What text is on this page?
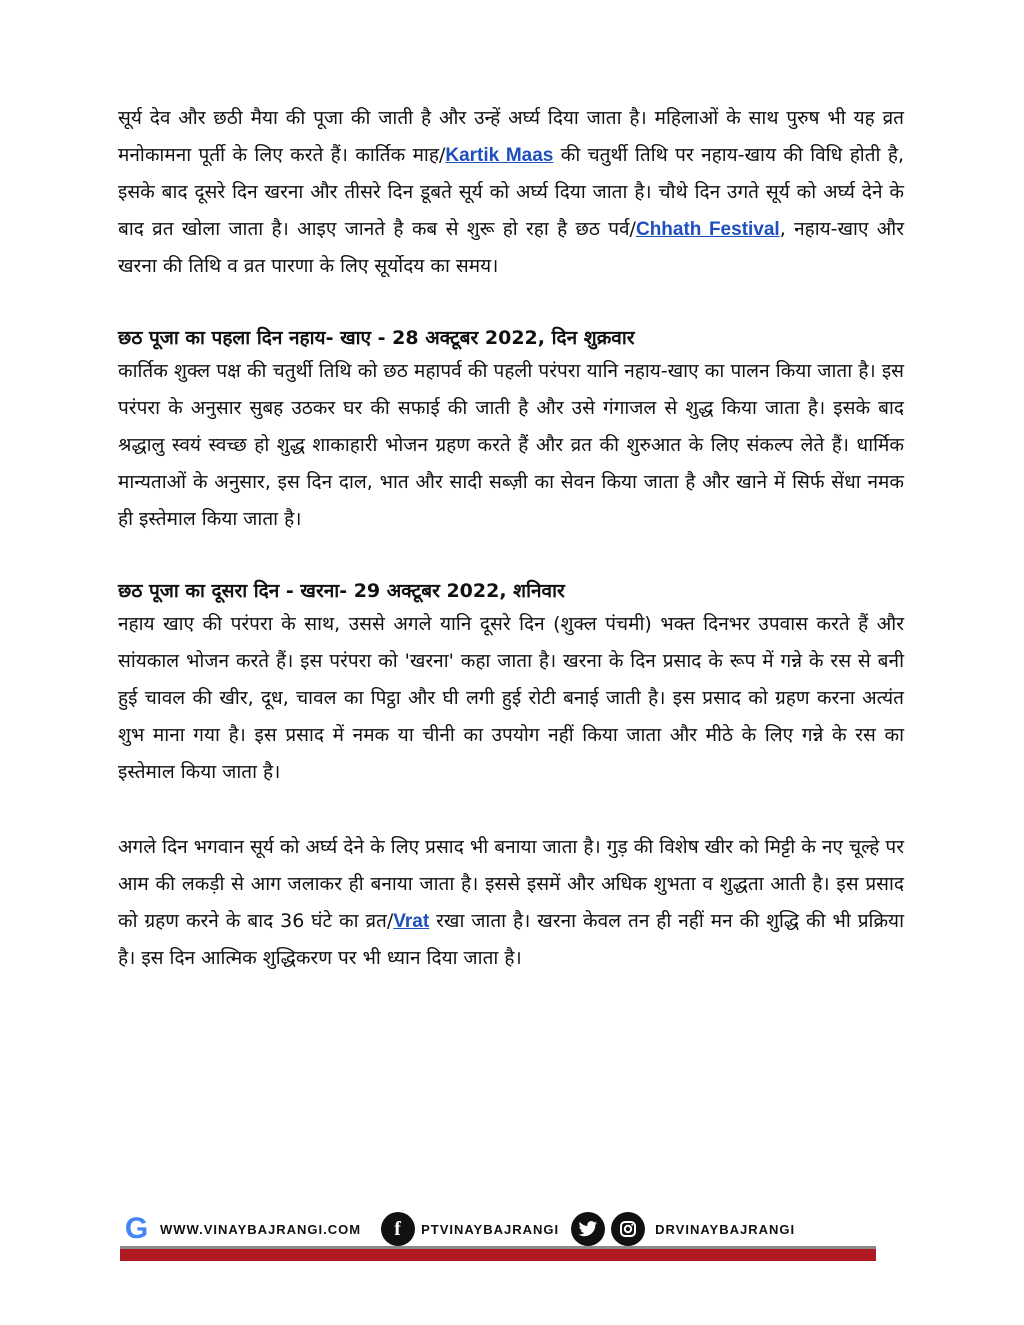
सूर्य देव और छठी मैया की पूजा की जाती है और उन्हें अर्घ्य दिया जाता है। महिलाओं के साथ पुरुष भी यह व्रत मनोकामना पूर्ती के लिए करते हैं। कार्तिक माह/Kartik Maas की चतुर्थी तिथि पर नहाय-खाय की विधि होती है, इसके बाद दूसरे दिन खरना और तीसरे दिन डूबते सूर्य को अर्घ्य दिया जाता है। चौथे दिन उगते सूर्य को अर्घ्य देने के बाद व्रत खोला जाता है। आइए जानते है कब से शुरू हो रहा है छठ पर्व/Chhath Festival, नहाय-खाए और खरना की तिथि व व्रत पारणा के लिए सूर्योदय का समय।

छठ पूजा का पहला दिन नहाय- खाए - 28 अक्टूबर 2022, दिन शुक्रवार

कार्तिक शुक्ल पक्ष की चतुर्थी तिथि को छठ महापर्व की पहली परंपरा यानि नहाय-खाए का पालन किया जाता है। इस परंपरा के अनुसार सुबह उठकर घर की सफाई की जाती है और उसे गंगाजल से शुद्ध किया जाता है। इसके बाद श्रद्धालु स्वयं स्वच्छ हो शुद्ध शाकाहारी भोजन ग्रहण करते हैं और व्रत की शुरुआत के लिए संकल्प लेते हैं। धार्मिक मान्यताओं के अनुसार, इस दिन दाल, भात और सादी सब्ज़ी का सेवन किया जाता है और खाने में सिर्फ सेंधा नमक ही इस्तेमाल किया जाता है।

छठ पूजा का दूसरा दिन - खरना- 29 अक्टूबर 2022, शनिवार

नहाय खाए की परंपरा के साथ, उससे अगले यानि दूसरे दिन (शुक्ल पंचमी) भक्त दिनभर उपवास करते हैं और सांयकाल भोजन करते हैं। इस परंपरा को 'खरना' कहा जाता है। खरना के दिन प्रसाद के रूप में गन्ने के रस से बनी हुई चावल की खीर, दूध, चावल का पिट्ठा और घी लगी हुई रोटी बनाई जाती है। इस प्रसाद को ग्रहण करना अत्यंत शुभ माना गया है। इस प्रसाद में नमक या चीनी का उपयोग नहीं किया जाता और मीठे के लिए गन्ने के रस का इस्तेमाल किया जाता है।

अगले दिन भगवान सूर्य को अर्घ्य देने के लिए प्रसाद भी बनाया जाता है। गुड़ की विशेष खीर को मिट्टी के नए चूल्हे पर आम की लकड़ी से आग जलाकर ही बनाया जाता है। इससे इसमें और अधिक शुभता व शुद्धता आती है। इस प्रसाद को ग्रहण करने के बाद 36 घंटे का व्रत/Vrat रखा जाता है। खरना केवल तन ही नहीं मन की शुद्धि की भी प्रक्रिया है। इस दिन आत्मिक शुद्धिकरण पर भी ध्यान दिया जाता है।

G WWW.VINAYBAJRANGI.COM	f	PTVINAYBAJRANGI	DRVINAYBAJRANGI
